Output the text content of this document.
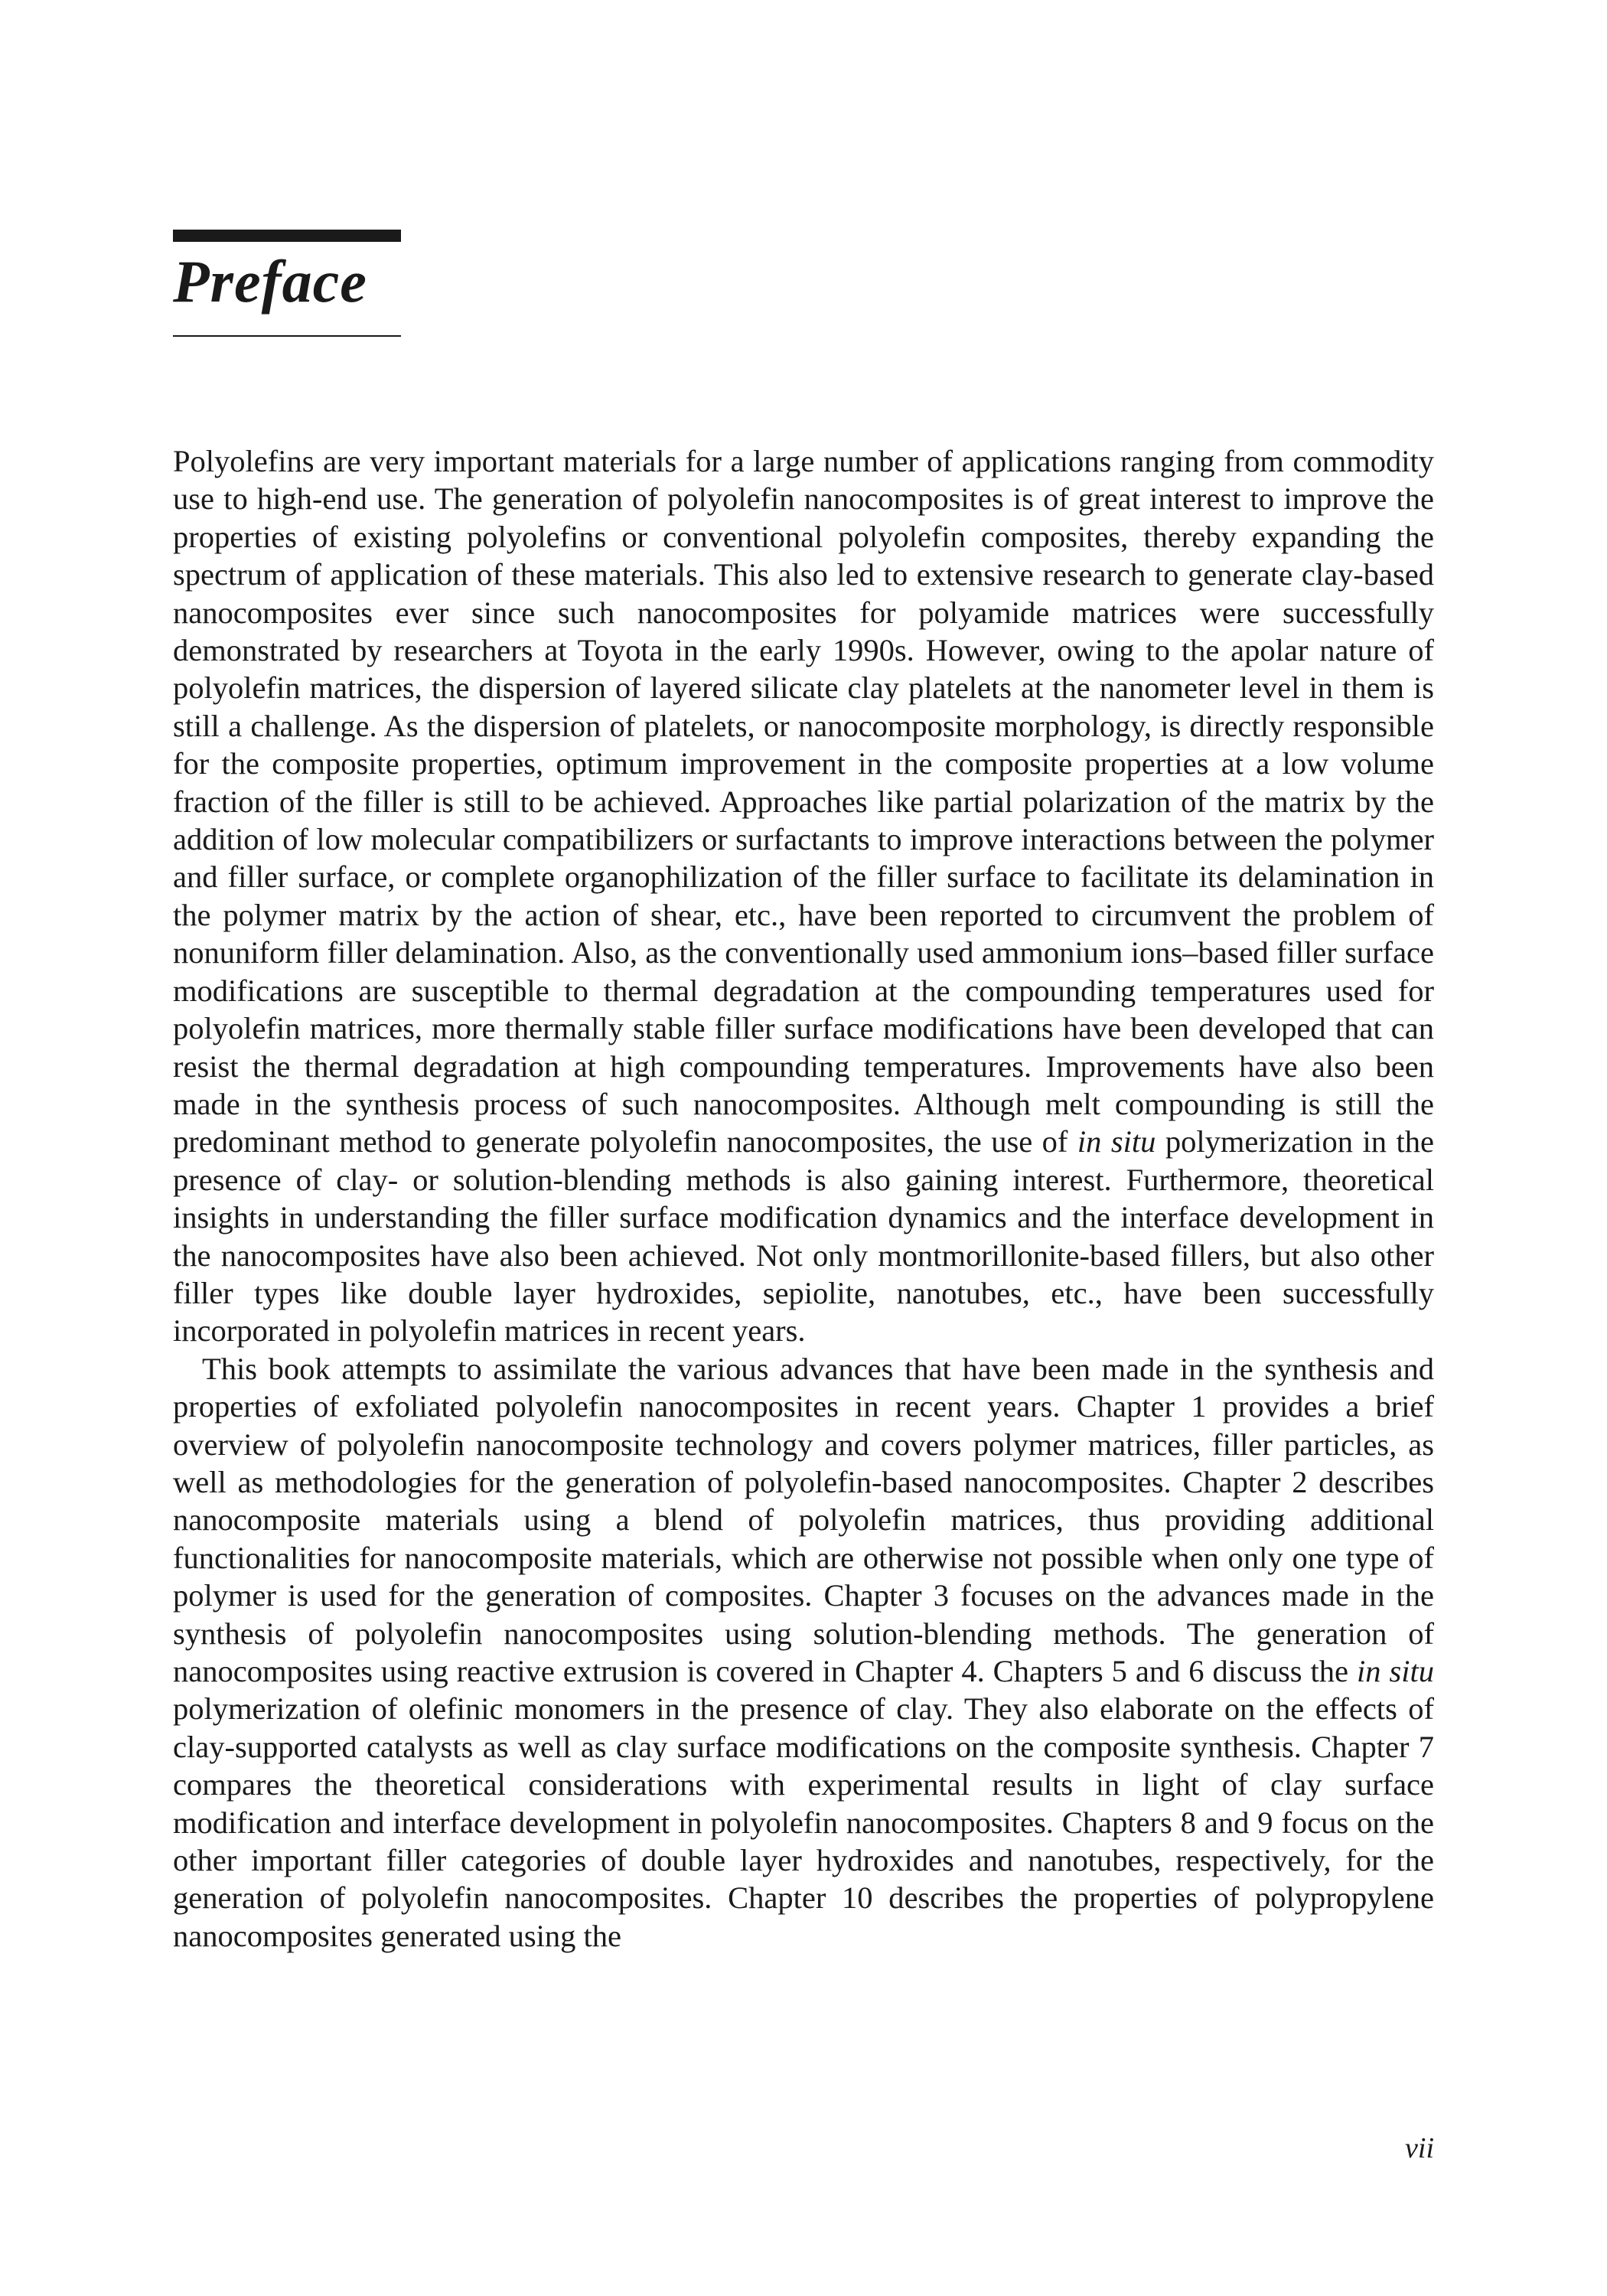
Preface

Polyolefins are very important materials for a large number of applications ranging from commodity use to high-end use. The generation of polyolefin nanocomposites is of great interest to improve the properties of existing polyolefins or conventional polyolefin composites, thereby expanding the spectrum of application of these materials. This also led to extensive research to generate clay-based nanocomposites ever since such nanocomposites for polyamide matrices were successfully demonstrated by researchers at Toyota in the early 1990s. However, owing to the apolar nature of polyolefin matrices, the dispersion of layered silicate clay platelets at the nanometer level in them is still a challenge. As the dispersion of platelets, or nanocomposite morphology, is directly responsible for the composite properties, optimum improvement in the composite properties at a low volume fraction of the filler is still to be achieved. Approaches like partial polarization of the matrix by the addition of low molecular compatibilizers or surfactants to improve interactions between the polymer and filler surface, or complete organophilization of the filler surface to facilitate its delamination in the polymer matrix by the action of shear, etc., have been reported to circumvent the problem of nonuniform filler delamination. Also, as the conventionally used ammonium ions–based filler surface modifications are susceptible to thermal degradation at the compounding temperatures used for polyolefin matrices, more thermally stable filler surface modifications have been developed that can resist the thermal degradation at high compounding temperatures. Improvements have also been made in the synthesis process of such nanocomposites. Although melt compounding is still the predominant method to generate polyolefin nanocomposites, the use of in situ polymerization in the presence of clay- or solution-blending methods is also gaining interest. Furthermore, theoretical insights in understanding the filler surface modification dynamics and the interface development in the nanocomposites have also been achieved. Not only montmorillonite-based fillers, but also other filler types like double layer hydroxides, sepiolite, nanotubes, etc., have been successfully incorporated in polyolefin matrices in recent years.

This book attempts to assimilate the various advances that have been made in the synthesis and properties of exfoliated polyolefin nanocomposites in recent years. Chapter 1 provides a brief overview of polyolefin nanocomposite technology and covers polymer matrices, filler particles, as well as methodologies for the generation of polyolefin-based nanocomposites. Chapter 2 describes nanocomposite materials using a blend of polyolefin matrices, thus providing additional functionalities for nanocomposite materials, which are otherwise not possible when only one type of polymer is used for the generation of composites. Chapter 3 focuses on the advances made in the synthesis of polyolefin nanocomposites using solution-blending methods. The generation of nanocomposites using reactive extrusion is covered in Chapter 4. Chapters 5 and 6 discuss the in situ polymerization of olefinic monomers in the presence of clay. They also elaborate on the effects of clay-supported catalysts as well as clay surface modifications on the composite synthesis. Chapter 7 compares the theoretical considerations with experimental results in light of clay surface modification and interface development in polyolefin nanocomposites. Chapters 8 and 9 focus on the other important filler categories of double layer hydroxides and nanotubes, respectively, for the generation of polyolefin nanocomposites. Chapter 10 describes the properties of polypropylene nanocomposites generated using the

vii
